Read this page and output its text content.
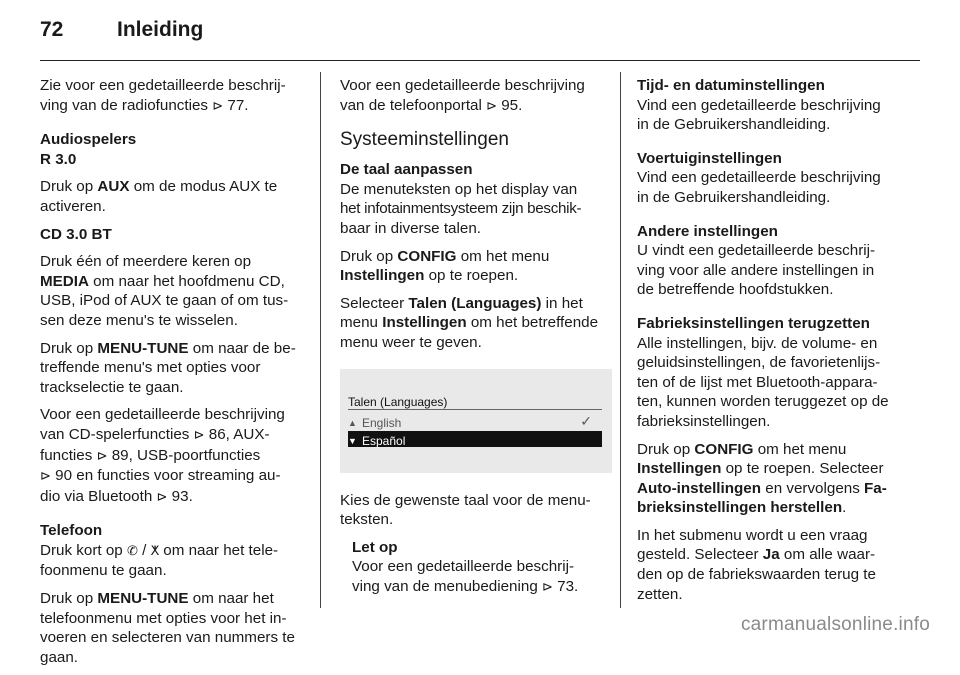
72	Inleiding

Zie voor een gedetailleerde beschrij-
ving van de radiofuncties ⊳ 77.

Audiospelers
R 3.0

Druk op AUX om de modus AUX te
activeren.

CD 3.0 BT

Druk één of meerdere keren op
MEDIA om naar het hoofdmenu CD,
USB, iPod of AUX te gaan of om tus-
sen deze menu's te wisselen.

Druk op MENU-TUNE om naar de be-
treffende menu's met opties voor
trackselectie te gaan.

Voor een gedetailleerde beschrijving
van CD-spelerfuncties ⊳ 86, AUX-
functies ⊳ 89, USB-poortfuncties
⊳ 90 en functies voor streaming au-
dio via Bluetooth ⊳ 93.

Telefoon
Druk kort op ✆ / ⵅ om naar het tele-
foonmenu te gaan.

Druk op MENU-TUNE om naar het
telefoonmenu met opties voor het in-
voeren en selecteren van nummers te
gaan.

Voor een gedetailleerde beschrijving
van de telefoonportal ⊳ 95.

Systeeminstellingen

De taal aanpassen
De menuteksten op het display van
het infotainmentsysteem zijn beschik-
baar in diverse talen.

Druk op CONFIG om het menu
Instellingen op te roepen.

Selecteer Talen (Languages) in het
menu Instellingen om het betreffende
menu weer te geven.

Talen (Languages)
▲ English	✓
▼ Español

Kies de gewenste taal voor de menu-
teksten.

Let op
Voor een gedetailleerde beschrij-
ving van de menubediening ⊳ 73.

Tijd- en datuminstellingen
Vind een gedetailleerde beschrijving
in de Gebruikershandleiding.

Voertuiginstellingen
Vind een gedetailleerde beschrijving
in de Gebruikershandleiding.

Andere instellingen
U vindt een gedetailleerde beschrij-
ving voor alle andere instellingen in
de betreffende hoofdstukken.

Fabrieksinstellingen terugzetten
Alle instellingen, bijv. de volume- en
geluidsinstellingen, de favorietenlijs-
ten of de lijst met Bluetooth-appara-
ten, kunnen worden teruggezet op de
fabrieksinstellingen.

Druk op CONFIG om het menu
Instellingen op te roepen. Selecteer
Auto-instellingen en vervolgens Fa-
brieksinstellingen herstellen.

In het submenu wordt u een vraag
gesteld. Selecteer Ja om alle waar-
den op de fabriekswaarden terug te
zetten.

carmanualsonline.info
